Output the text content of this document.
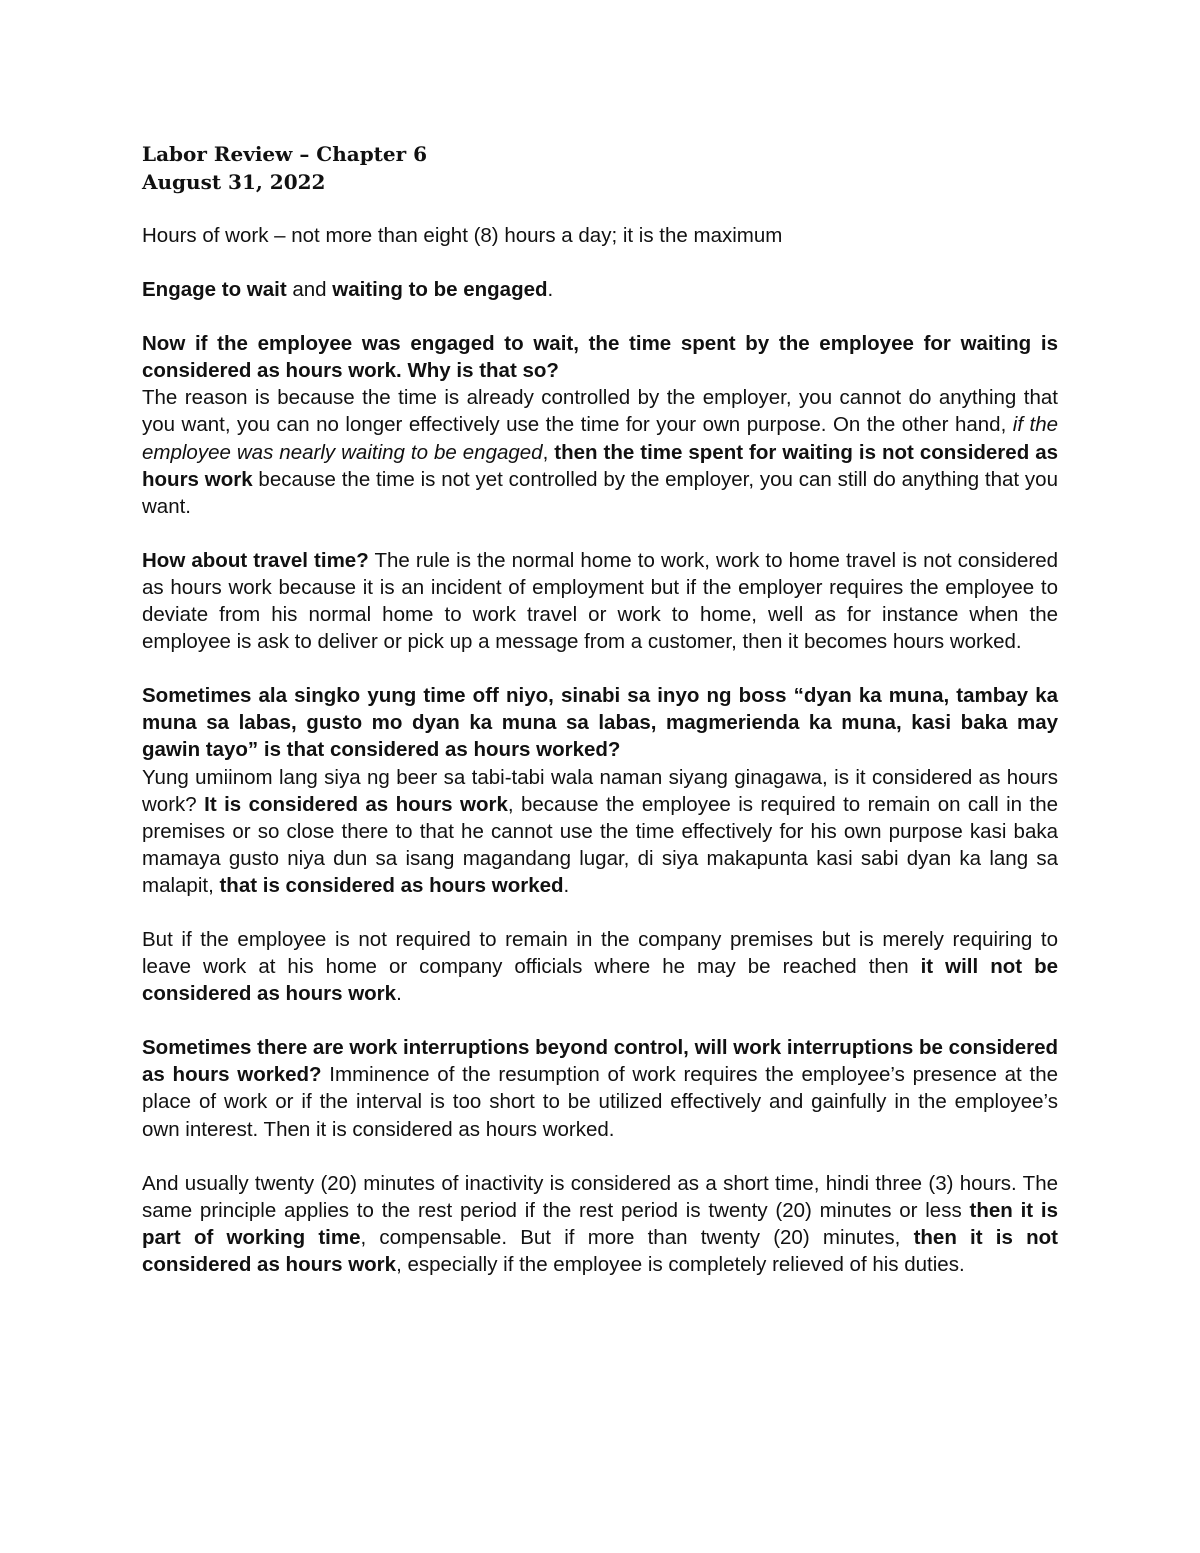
Labor Review – Chapter 6
August 31, 2022

Hours of work – not more than eight (8) hours a day; it is the maximum

Engage to wait and waiting to be engaged.

Now if the employee was engaged to wait, the time spent by the employee for waiting is considered as hours work. Why is that so?

The reason is because the time is already controlled by the employer, you cannot do anything that you want, you can no longer effectively use the time for your own purpose. On the other hand, if the employee was nearly waiting to be engaged, then the time spent for waiting is not considered as hours work because the time is not yet controlled by the employer, you can still do anything that you want.

How about travel time? The rule is the normal home to work, work to home travel is not considered as hours work because it is an incident of employment but if the employer requires the employee to deviate from his normal home to work travel or work to home, well as for instance when the employee is ask to deliver or pick up a message from a customer, then it becomes hours worked.

Sometimes ala singko yung time off niyo, sinabi sa inyo ng boss “dyan ka muna, tambay ka muna sa labas, gusto mo dyan ka muna sa labas, magmerienda ka muna, kasi baka may gawin tayo” is that considered as hours worked?

Yung umiinom lang siya ng beer sa tabi-tabi wala naman siyang ginagawa, is it considered as hours work? It is considered as hours work, because the employee is required to remain on call in the premises or so close there to that he cannot use the time effectively for his own purpose kasi baka mamaya gusto niya dun sa isang magandang lugar, di siya makapunta kasi sabi dyan ka lang sa malapit, that is considered as hours worked.

But if the employee is not required to remain in the company premises but is merely requiring to leave work at his home or company officials where he may be reached then it will not be considered as hours work.

Sometimes there are work interruptions beyond control, will work interruptions be considered as hours worked? Imminence of the resumption of work requires the employee’s presence at the place of work or if the interval is too short to be utilized effectively and gainfully in the employee’s own interest. Then it is considered as hours worked.

And usually twenty (20) minutes of inactivity is considered as a short time, hindi three (3) hours. The same principle applies to the rest period if the rest period is twenty (20) minutes or less then it is part of working time, compensable. But if more than twenty (20) minutes, then it is not considered as hours work, especially if the employee is completely relieved of his duties.
